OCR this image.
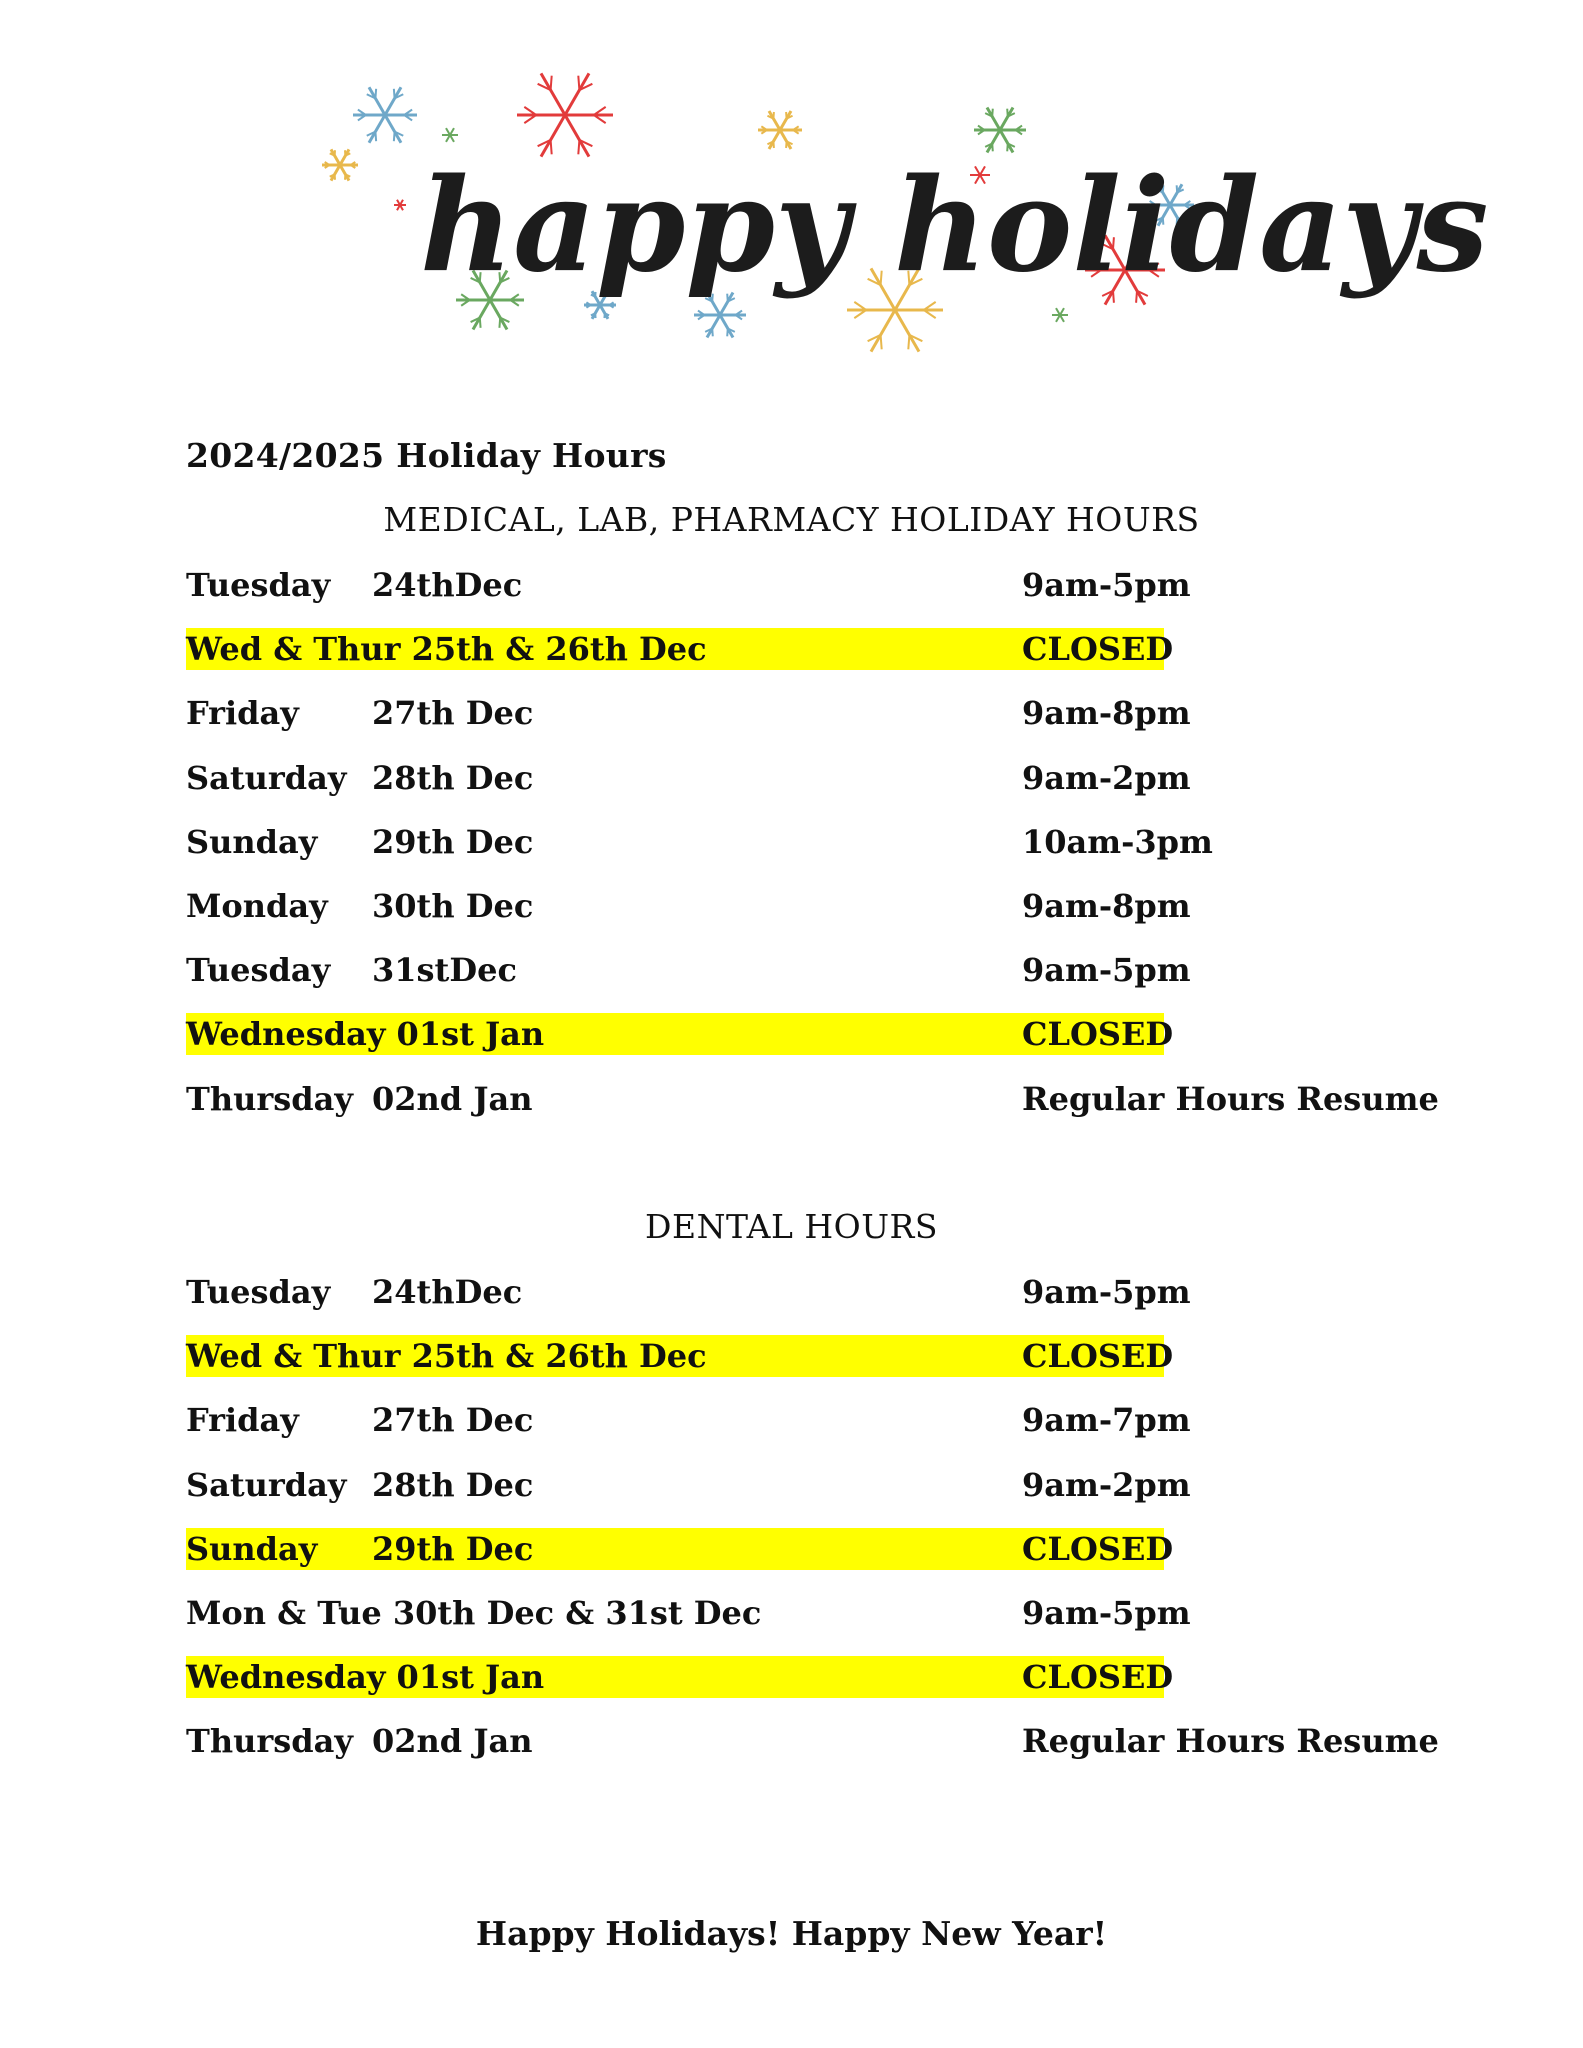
happy holidays
2024/2025 Holiday Hours
MEDICAL, LAB, PHARMACY HOLIDAY HOURS
Tuesday 24thDec	9am-5pm
Wed & Thur 25th & 26th Dec	CLOSED
Friday 27th Dec	9am-8pm
Saturday 28th Dec	9am-2pm
Sunday 29th Dec	10am-3pm
Monday 30th Dec	9am-8pm
Tuesday 31stDec	9am-5pm
Wednesday 01st Jan	CLOSED
Thursday 02nd Jan	Regular Hours Resume
DENTAL HOURS
Tuesday 24thDec	9am-5pm
Wed & Thur 25th & 26th Dec	CLOSED
Friday 27th Dec	9am-7pm
Saturday 28th Dec	9am-2pm
Sunday 29th Dec	CLOSED
Mon & Tue 30th Dec & 31st Dec	9am-5pm
Wednesday 01st Jan	CLOSED
Thursday 02nd Jan	Regular Hours Resume
Happy Holidays! Happy New Year!
